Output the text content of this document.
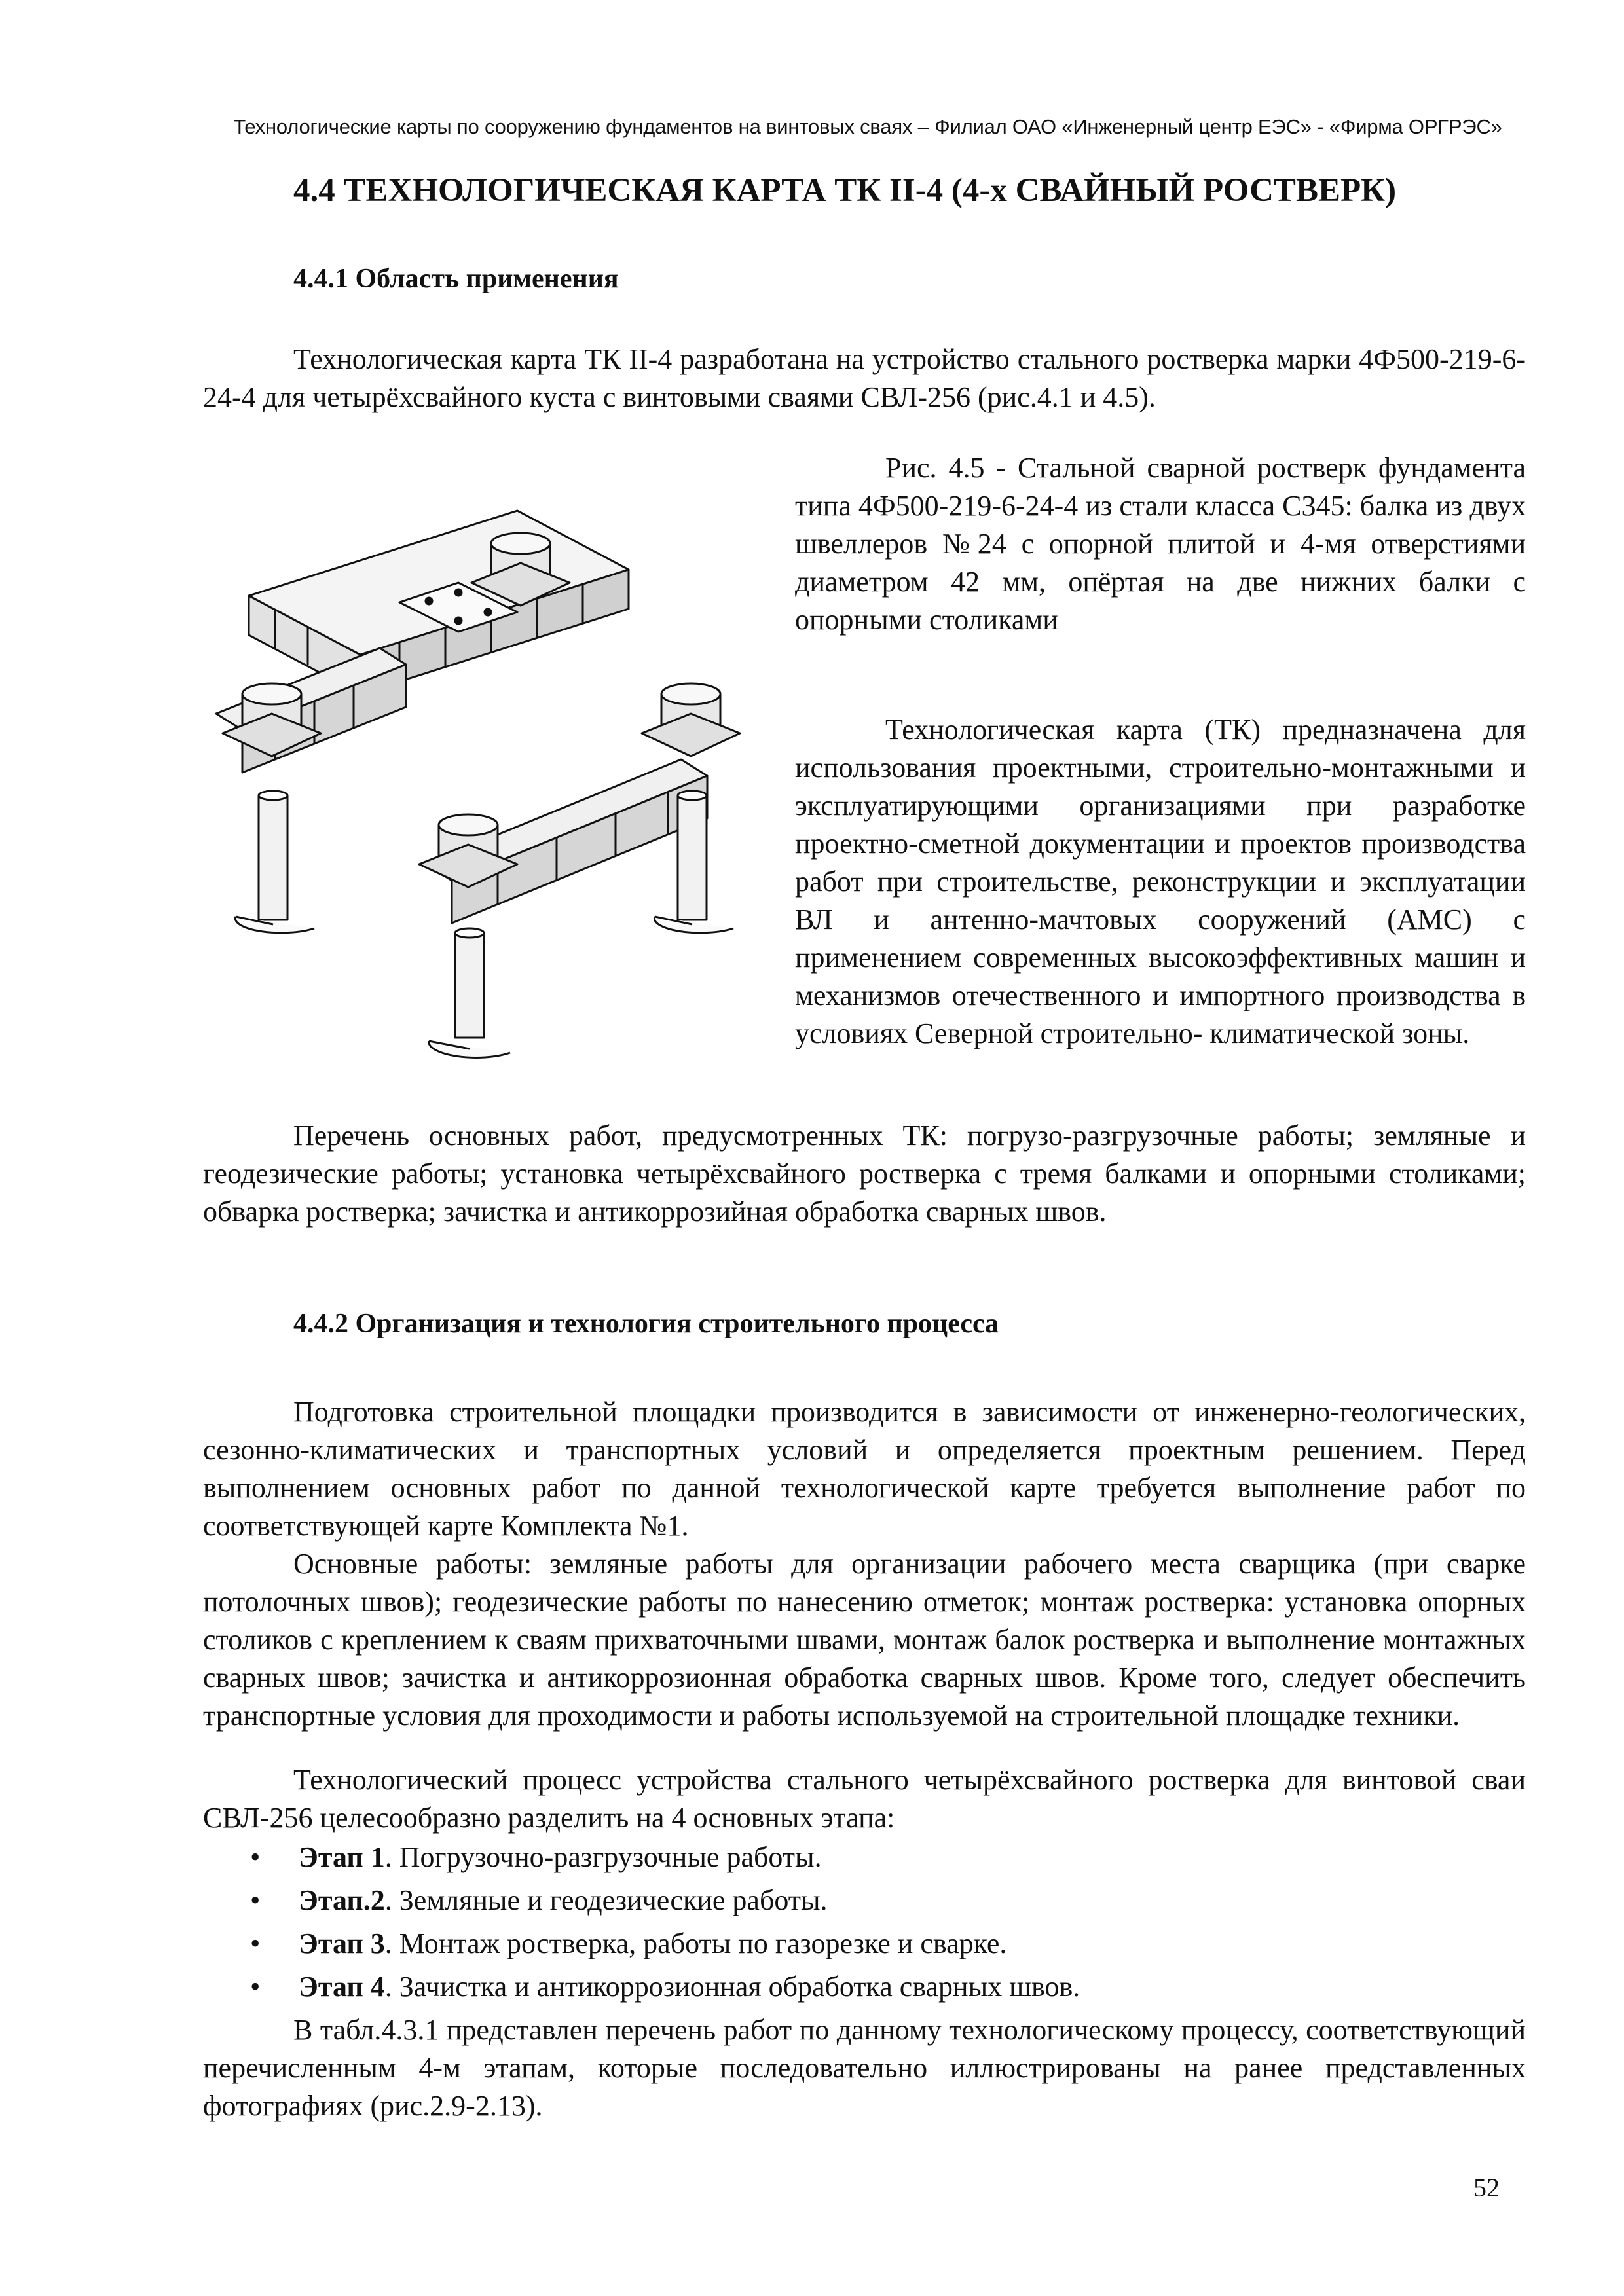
Технологические карты по сооружению фундаментов на винтовых сваях – Филиал ОАО «Инженерный центр ЕЭС» - «Фирма ОРГРЭС»
4.4 ТЕХНОЛОГИЧЕСКАЯ КАРТА ТК II-4 (4-х СВАЙНЫЙ РОСТВЕРК)
4.4.1 Область применения

Технологическая карта ТК II-4 разработана на устройство стального ростверка марки 4Ф500-219-6-24-4 для четырёхсвайного куста с винтовыми сваями СВЛ-256 (рис.4.1 и 4.5).

Рис. 4.5 - Стальной сварной ростверк фундамента типа 4Ф500-219-6-24-4 из стали класса С345: балка из двух швеллеров №24 с опорной плитой и 4-мя отверстиями диаметром 42 мм, опёртая на две нижних балки с опорными столиками

Технологическая карта (ТК) предназначена для использования проектными, строительно-монтажными и эксплуатирующими организациями при разработке проектно-сметной документации и проектов производства работ при строительстве, реконструкции и эксплуатации ВЛ и антенно-мачтовых сооружений (АМС) с применением современных высокоэффективных машин и механизмов отечественного и импортного производства в условиях Северной строительно- климатической зоны.

Перечень основных работ, предусмотренных ТК: погрузо-разгрузочные работы; земляные и геодезические работы; установка четырёхсвайного ростверка с тремя балками и опорными столиками; обварка ростверка; зачистка и антикоррозийная обработка сварных швов.

4.4.2 Организация и технология строительного процесса

Подготовка строительной площадки производится в зависимости от инженерно-геологических, сезонно-климатических и транспортных условий и определяется проектным решением. Перед выполнением основных работ по данной технологической карте требуется выполнение работ по соответствующей карте Комплекта №1.

Основные работы: земляные работы для организации рабочего места сварщика (при сварке потолочных швов); геодезические работы по нанесению отметок; монтаж ростверка: установка опорных столиков с креплением к сваям прихваточными швами, монтаж балок ростверка и выполнение монтажных сварных швов; зачистка и антикоррозионная обработка сварных швов. Кроме того, следует обеспечить транспортные условия для проходимости и работы используемой на строительной площадке техники.

Технологический процесс устройства стального четырёхсвайного ростверка для винтовой сваи СВЛ-256 целесообразно разделить на 4 основных этапа:

• Этап 1. Погрузочно-разгрузочные работы.
• Этап.2. Земляные и геодезические работы.
• Этап 3. Монтаж ростверка, работы по газорезке и сварке.
• Этап 4. Зачистка и антикоррозионная обработка сварных швов.

В табл.4.3.1 представлен перечень работ по данному технологическому процессу, соответствующий перечисленным 4-м этапам, которые последовательно иллюстрированы на ранее представленных фотографиях (рис.2.9-2.13).

52
